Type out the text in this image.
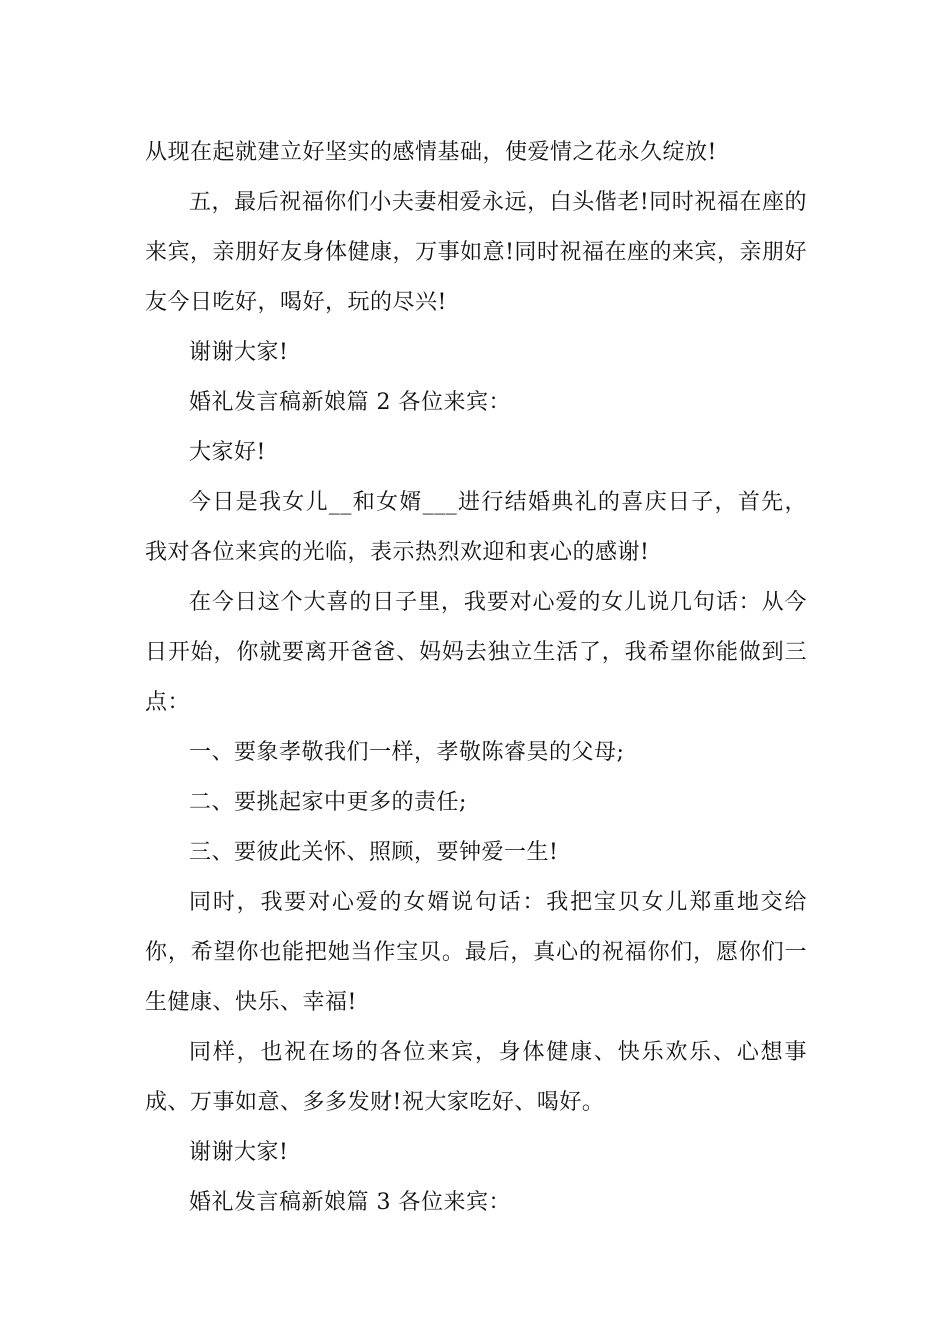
从现在起就建立好坚实的感情基础，使爱情之花永久绽放!

五，最后祝福你们小夫妻相爱永远，白头偕老!同时祝福在座的来宾，亲朋好友身体健康，万事如意!同时祝福在座的来宾，亲朋好友今日吃好，喝好，玩的尽兴!

谢谢大家!

婚礼发言稿新娘篇 2 各位来宾：

大家好!

今日是我女儿__和女婿___进行结婚典礼的喜庆日子，首先，我对各位来宾的光临，表示热烈欢迎和衷心的感谢!

在今日这个大喜的日子里，我要对心爱的女儿说几句话：从今日开始，你就要离开爸爸、妈妈去独立生活了，我希望你能做到三点：

一、要象孝敬我们一样，孝敬陈睿昊的父母;

二、要挑起家中更多的责任;

三、要彼此关怀、照顾，要钟爱一生!

同时，我要对心爱的女婿说句话：我把宝贝女儿郑重地交给你，希望你也能把她当作宝贝。最后，真心的祝福你们，愿你们一生健康、快乐、幸福!

同样，也祝在场的各位来宾，身体健康、快乐欢乐、心想事成、万事如意、多多发财!祝大家吃好、喝好。

谢谢大家!

婚礼发言稿新娘篇 3 各位来宾：
